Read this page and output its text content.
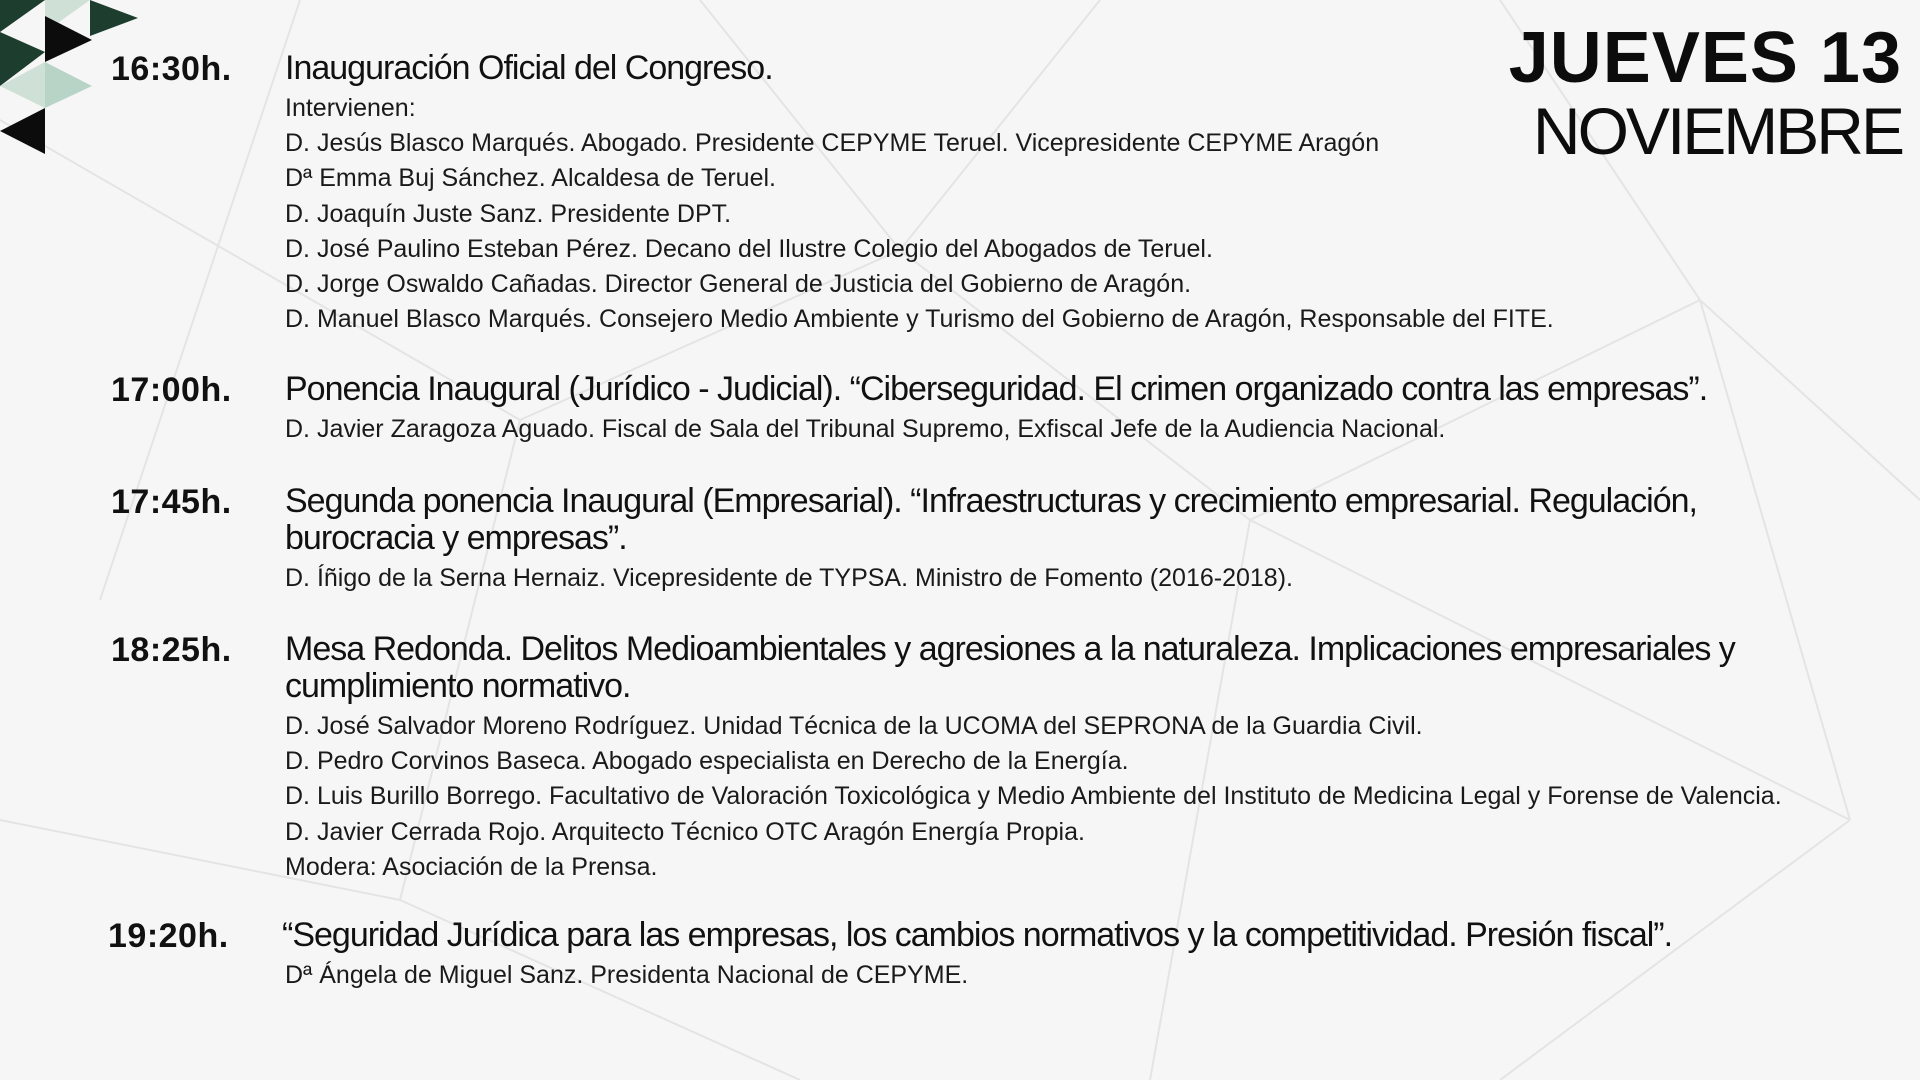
JUEVES 13
NOVIEMBRE
16:30h. Inauguración Oficial del Congreso.
Intervienen:
D. Jesús Blasco Marqués. Abogado. Presidente CEPYME Teruel. Vicepresidente CEPYME Aragón
Dª Emma Buj Sánchez. Alcaldesa de Teruel.
D. Joaquín Juste Sanz. Presidente DPT.
D. José Paulino Esteban Pérez. Decano del Ilustre Colegio del Abogados de Teruel.
D. Jorge Oswaldo Cañadas. Director General de Justicia del Gobierno de Aragón.
D. Manuel Blasco Marqués. Consejero Medio Ambiente y Turismo del Gobierno de Aragón, Responsable del FITE.
17:00h. Ponencia Inaugural (Jurídico - Judicial). “Ciberseguridad. El crimen organizado contra las empresas”.
D. Javier Zaragoza Aguado. Fiscal de Sala del Tribunal Supremo, Exfiscal Jefe de la Audiencia Nacional.
17:45h. Segunda ponencia Inaugural (Empresarial). “Infraestructuras y crecimiento empresarial. Regulación, burocracia y empresas”.
D. Íñigo de la Serna Hernaiz. Vicepresidente de TYPSA. Ministro de Fomento (2016-2018).
18:25h. Mesa Redonda. Delitos Medioambientales y agresiones a la naturaleza. Implicaciones empresariales y cumplimiento normativo.
D. José Salvador Moreno Rodríguez. Unidad Técnica de la UCOMA del SEPRONA de la Guardia Civil.
D. Pedro Corvinos Baseca. Abogado especialista en Derecho de la Energía.
D. Luis Burillo Borrego. Facultativo de Valoración Toxicológica y Medio Ambiente del Instituto de Medicina Legal y Forense de Valencia.
D. Javier Cerrada Rojo. Arquitecto Técnico OTC Aragón Energía Propia.
Modera: Asociación de la Prensa.
19:20h. “Seguridad Jurídica para las empresas, los cambios normativos y la competitividad. Presión fiscal”.
Dª Ángela de Miguel Sanz. Presidenta Nacional de CEPYME.
